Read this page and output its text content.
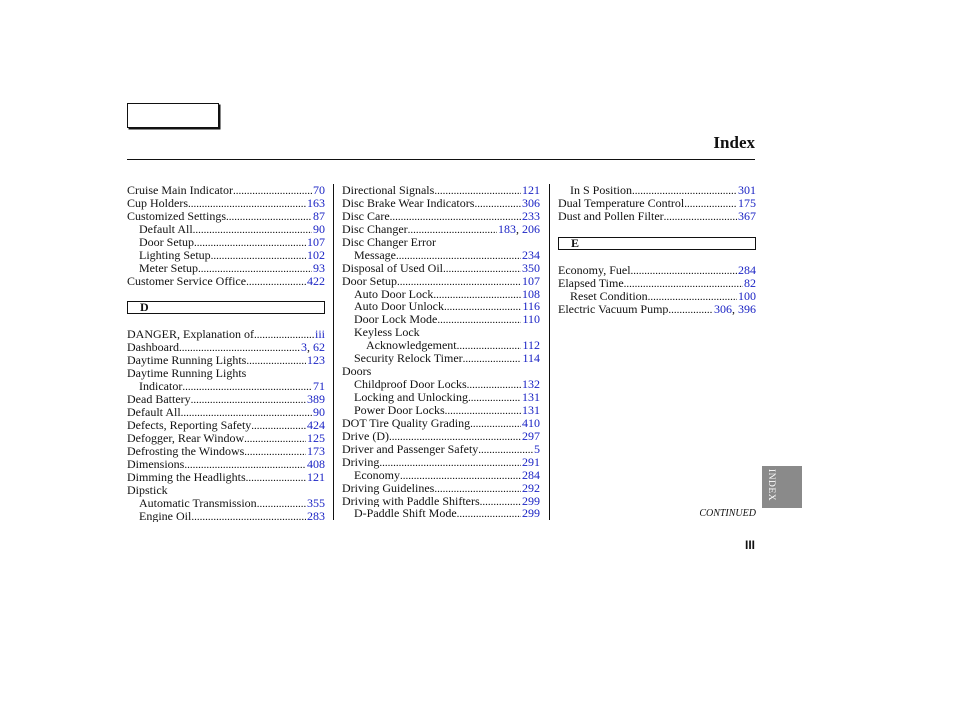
Index
Cruise Main Indicator .....	70
Cup Holders .....	163
Customized Settings .....	87
Default All .....	90
Door Setup .....	107
Lighting Setup .....	102
Meter Setup .....	93
Customer Service Office .....	422
D
DANGER, Explanation of .....	iii
Dashboard .....	3, 62
Daytime Running Lights .....	123
Daytime Running Lights
Indicator .....	71
Dead Battery .....	389
Default All .....	90
Defects, Reporting Safety .....	424
Defogger, Rear Window .....	125
Defrosting the Windows .....	173
Dimensions .....	408
Dimming the Headlights .....	121
Dipstick
Automatic Transmission .....	355
Engine Oil .....	283
Directional Signals .....	121
Disc Brake Wear Indicators .....	306
Disc Care .....	233
Disc Changer .....	183, 206
Disc Changer Error
Message .....	234
Disposal of Used Oil .....	350
Door Setup .....	107
Auto Door Lock .....	108
Auto Door Unlock .....	116
Door Lock Mode .....	110
Keyless Lock
Acknowledgement .....	112
Security Relock Timer .....	114
Doors
Childproof Door Locks .....	132
Locking and Unlocking .....	131
Power Door Locks .....	131
DOT Tire Quality Grading .....	410
Drive (D) .....	297
Driver and Passenger Safety .....	5
Driving .....	291
Economy .....	284
Driving Guidelines .....	292
Driving with Paddle Shifters .....	299
D-Paddle Shift Mode .....	299
In S Position .....	301
Dual Temperature Control .....	175
Dust and Pollen Filter .....	367
E
Economy, Fuel .....	284
Elapsed Time .....	82
Reset Condition .....	100
Electric Vacuum Pump .....	306, 396
INDEX
CONTINUED
III
